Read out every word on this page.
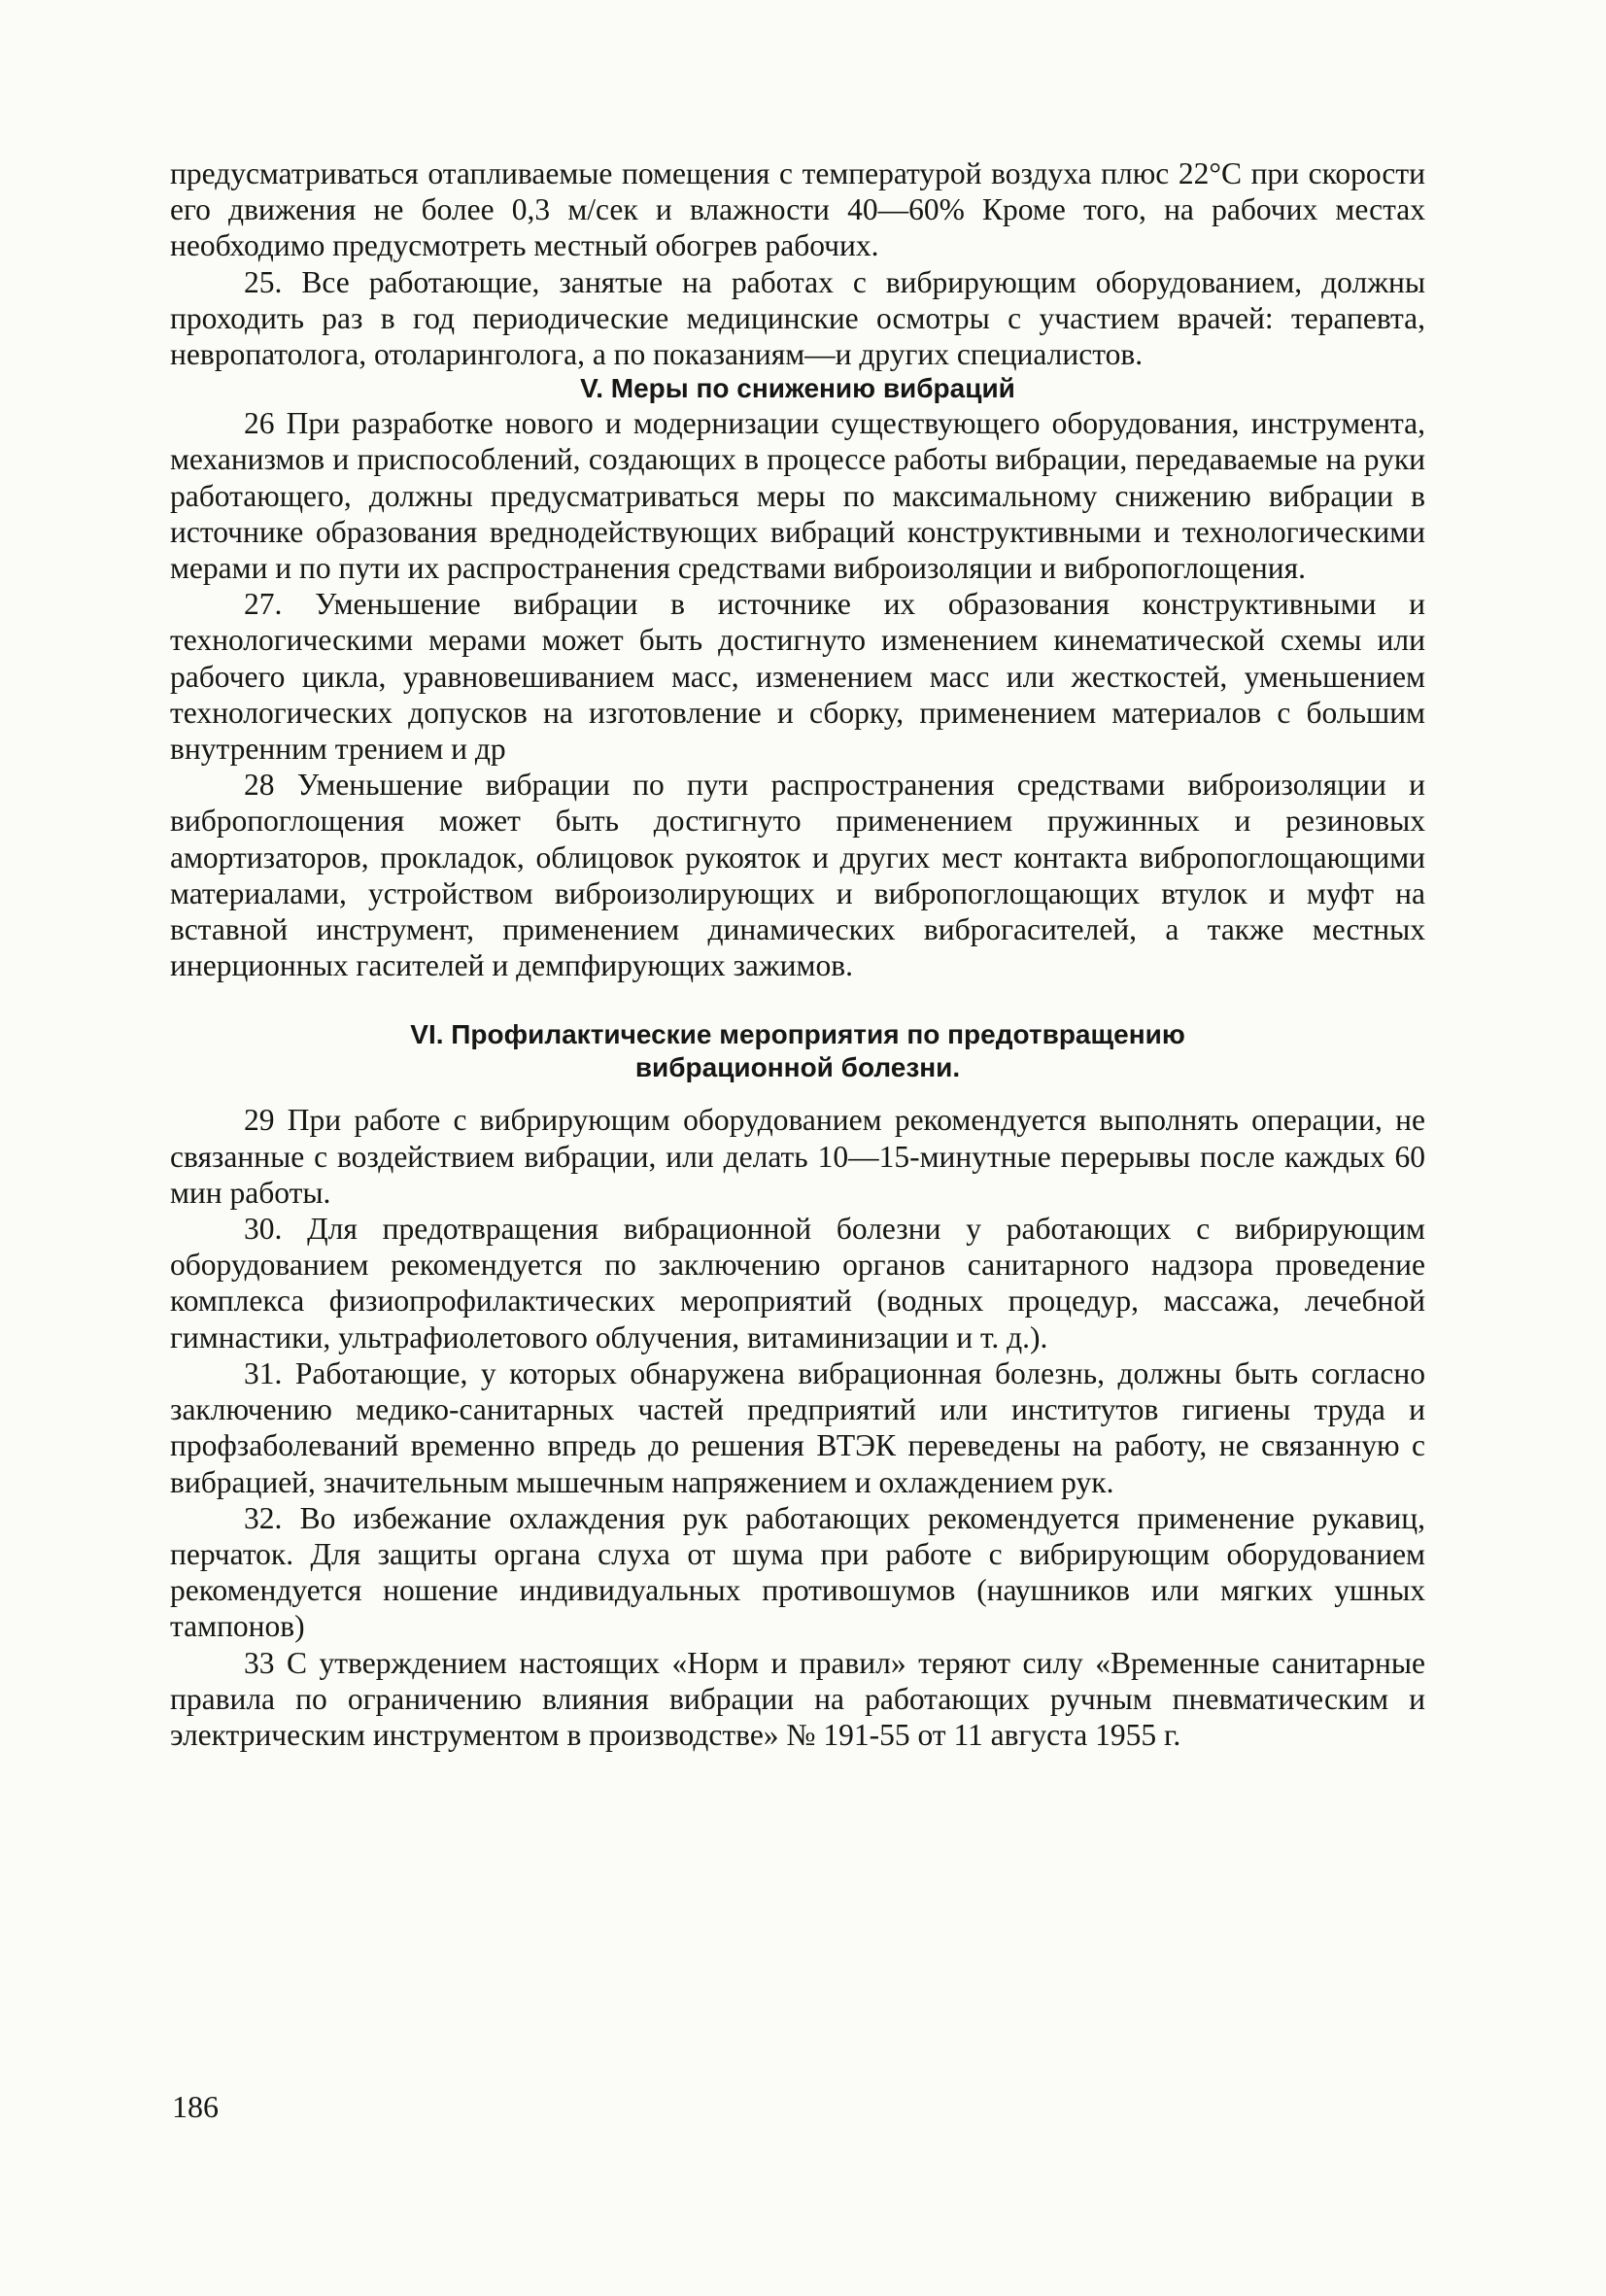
предусматриваться отапливаемые помещения с температурой воздуха плюс 22°C при скорости его движения не более 0,3 м/сек и влажности 40—60% Кроме того, на рабочих местах необходимо предусмотреть местный обогрев рабочих.

25. Все работающие, занятые на работах с вибрирующим оборудованием, должны проходить раз в год периодические медицинские осмотры с участием врачей: терапевта, невропатолога, отоларинголога, а по показаниям—и других специалистов.

V. Меры по снижению вибраций

26 При разработке нового и модернизации существующего оборудования, инструмента, механизмов и приспособлений, создающих в процессе работы вибрации, передаваемые на руки работающего, должны предусматриваться меры по максимальному снижению вибрации в источнике образования вреднодействующих вибраций конструктивными и технологическими мерами и по пути их распространения средствами виброизоляции и вибропоглощения.

27. Уменьшение вибрации в источнике их образования конструктивными и технологическими мерами может быть достигнуто изменением кинематической схемы или рабочего цикла, уравновешиванием масс, изменением масс или жесткостей, уменьшением технологических допусков на изготовление и сборку, применением материалов с большим внутренним трением и др

28 Уменьшение вибрации по пути распространения средствами виброизоляции и вибропоглощения может быть достигнуто применением пружинных и резиновых амортизаторов, прокладок, облицовок рукояток и других мест контакта вибропоглощающими материалами, устройством виброизолирующих и вибропоглощающих втулок и муфт на вставной инструмент, применением динамических виброгасителей, а также местных инерционных гасителей и демпфирующих зажимов.

VI. Профилактические мероприятия по предотвращению
вибрационной болезни.

29 При работе с вибрирующим оборудованием рекомендуется выполнять операции, не связанные с воздействием вибрации, или делать 10—15-минутные перерывы после каждых 60 мин работы.

30. Для предотвращения вибрационной болезни у работающих с вибрирующим оборудованием рекомендуется по заключению органов санитарного надзора проведение комплекса физиопрофилактических мероприятий (водных процедур, массажа, лечебной гимнастики, ультрафиолетового облучения, витаминизации и т. д.).

31. Работающие, у которых обнаружена вибрационная болезнь, должны быть согласно заключению медико-санитарных частей предприятий или институтов гигиены труда и профзаболеваний временно впредь до решения ВТЭК переведены на работу, не связанную с вибрацией, значительным мышечным напряжением и охлаждением рук.

32. Во избежание охлаждения рук работающих рекомендуется применение рукавиц, перчаток. Для защиты органа слуха от шума при работе с вибрирующим оборудованием рекомендуется ношение индивидуальных противошумов (наушников или мягких ушных тампонов)

33 С утверждением настоящих «Норм и правил» теряют силу «Временные санитарные правила по ограничению влияния вибрации на работающих ручным пневматическим и электрическим инструментом в производстве» № 191-55 от 11 августа 1955 г.

186
